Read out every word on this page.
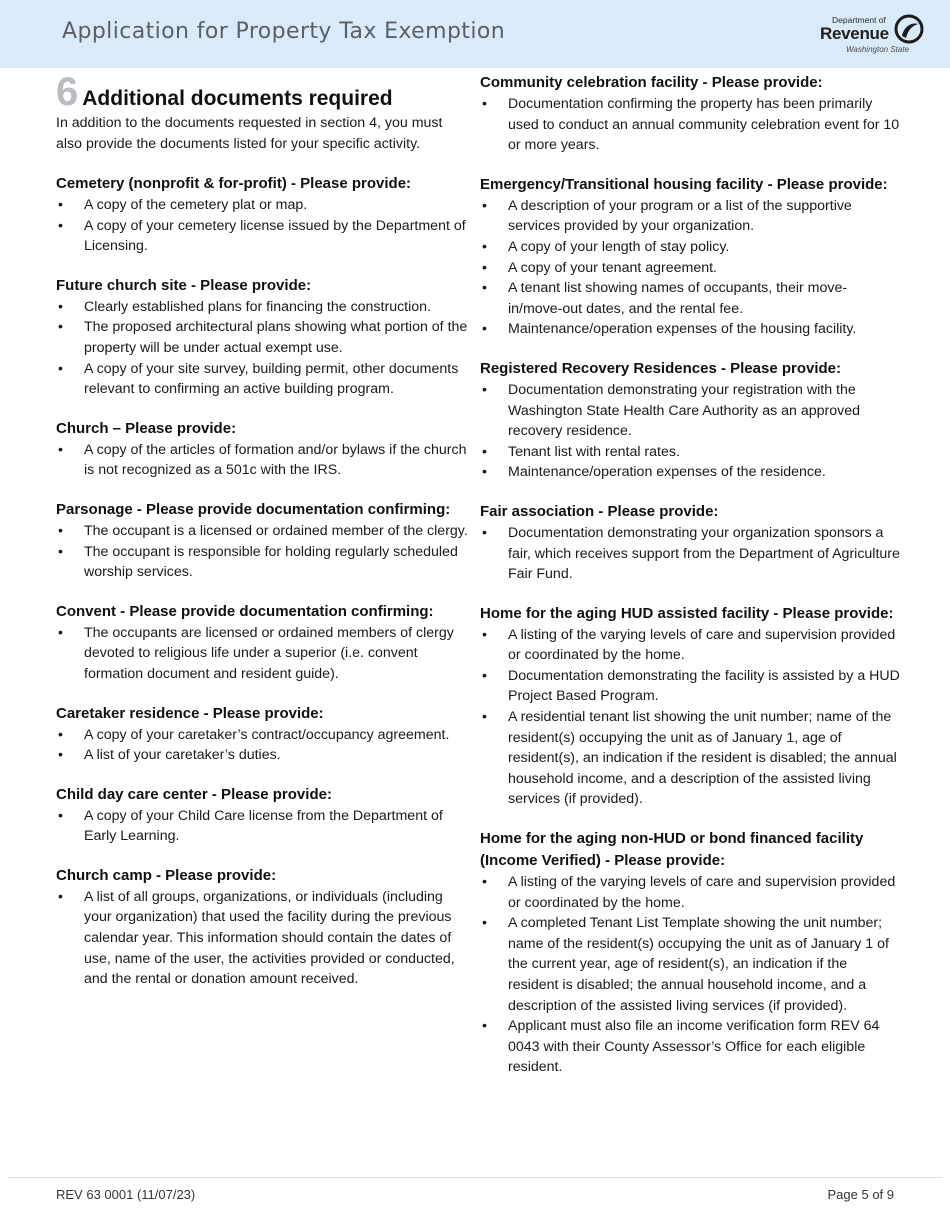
Application for Property Tax Exemption	Department of
Revenue
Washington State
6 Additional documents required
In addition to the documents requested in section 4, you must also provide the documents listed for your specific activity.
Cemetery (nonprofit & for-profit) - Please provide:
• A copy of the cemetery plat or map.
• A copy of your cemetery license issued by the Department of Licensing.
Future church site - Please provide:
• Clearly established plans for financing the construction.
• The proposed architectural plans showing what portion of the property will be under actual exempt use.
• A copy of your site survey, building permit, other documents relevant to confirming an active building program.
Church – Please provide:
• A copy of the articles of formation and/or bylaws if the church is not recognized as a 501c with the IRS.
Parsonage - Please provide documentation confirming:
• The occupant is a licensed or ordained member of the clergy.
• The occupant is responsible for holding regularly scheduled worship services.
Convent - Please provide documentation confirming:
• The occupants are licensed or ordained members of clergy devoted to religious life under a superior (i.e. convent formation document and resident guide).
Caretaker residence - Please provide:
• A copy of your caretaker’s contract/occupancy agreement.
• A list of your caretaker’s duties.
Child day care center - Please provide:
• A copy of your Child Care license from the Department of Early Learning.
Church camp - Please provide:
• A list of all groups, organizations, or individuals (including your organization) that used the facility during the previous calendar year. This information should contain the dates of use, name of the user, the activities provided or conducted, and the rental or donation amount received.
Community celebration facility - Please provide:
• Documentation confirming the property has been primarily used to conduct an annual community celebration event for 10 or more years.
Emergency/Transitional housing facility - Please provide:
• A description of your program or a list of the supportive services provided by your organization.
• A copy of your length of stay policy.
• A copy of your tenant agreement.
• A tenant list showing names of occupants, their move- in/move-out dates, and the rental fee.
• Maintenance/operation expenses of the housing facility.
Registered Recovery Residences - Please provide:
• Documentation demonstrating your registration with the Washington State Health Care Authority as an approved recovery residence.
• Tenant list with rental rates.
• Maintenance/operation expenses of the residence.
Fair association - Please provide:
• Documentation demonstrating your organization sponsors a fair, which receives support from the Department of Agriculture Fair Fund.
Home for the aging HUD assisted facility - Please provide:
• A listing of the varying levels of care and supervision provided or coordinated by the home.
• Documentation demonstrating the facility is assisted by a HUD Project Based Program.
• A residential tenant list showing the unit number; name of the resident(s) occupying the unit as of January 1, age of resident(s), an indication if the resident is disabled; the annual household income, and a description of the assisted living services (if provided).
Home for the aging non-HUD or bond financed facility (Income Verified) - Please provide:
• A listing of the varying levels of care and supervision provided or coordinated by the home.
• A completed Tenant List Template showing the unit number; name of the resident(s) occupying the unit as of January 1 of the current year, age of resident(s), an indication if the resident is disabled; the annual household income, and a description of the assisted living services (if provided).
• Applicant must also file an income verification form REV 64 0043 with their County Assessor’s Office for each eligible resident.
REV 63 0001 (11/07/23)	Page 5 of 9
